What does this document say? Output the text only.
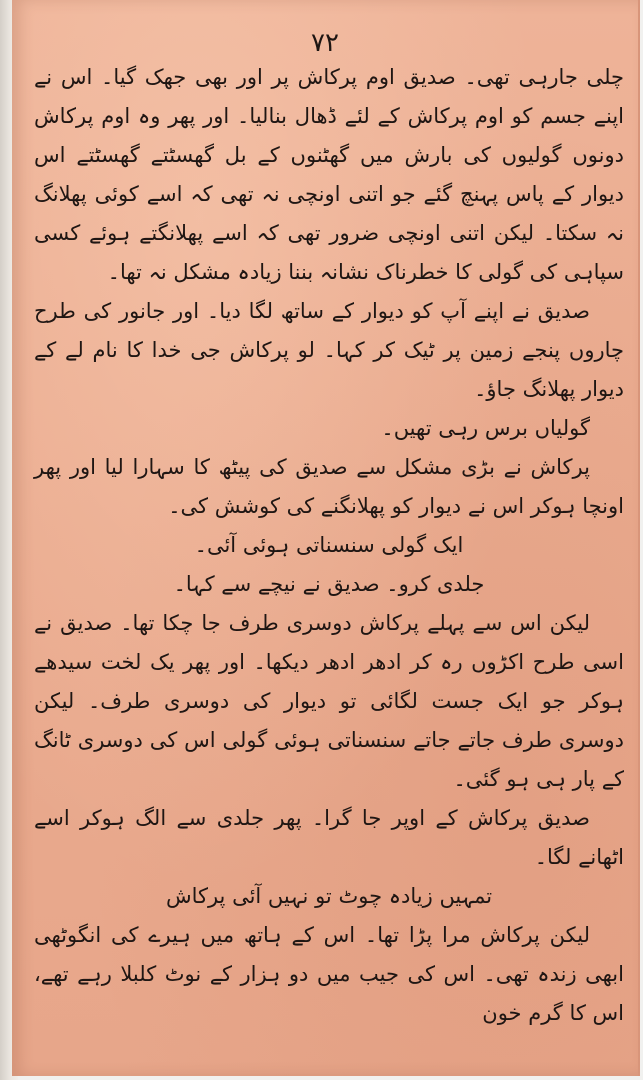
۷۲

چلی جارہی تھی۔ صدیق اوم پرکاش پر اور بھی جھک گیا۔ اس نے اپنے جسم کو اوم پرکاش کے لئے ڈھال بنالیا۔ اور پھر وہ اوم پرکاش دونوں گولیوں کی بارش میں گھٹنوں کے بل گھسٹتے گھسٹتے اس دیوار کے پاس پہنچ گئے جو اتنی اونچی نہ تھی کہ اسے کوئی پھلانگ نہ سکتا۔ لیکن اتنی اونچی ضرور تھی کہ اسے پھلانگتے ہوئے کسی سپاہی کی گولی کا خطرناک نشانہ بننا زیادہ مشکل نہ تھا۔

صدیق نے اپنے آپ کو دیوار کے ساتھ لگا دیا۔ اور جانور کی طرح چاروں پنجے زمین پر ٹیک کر کہا۔ لو پرکاش جی خدا کا نام لے کے دیوار پھلانگ جاؤ۔

گولیاں برس رہی تھیں۔

پرکاش نے بڑی مشکل سے صدیق کی پیٹھ کا سہارا لیا اور پھر اونچا ہوکر اس نے دیوار کو پھلانگنے کی کوشش کی۔

ایک گولی سنسناتی ہوئی آئی۔

جلدی کرو۔ صدیق نے نیچے سے کہا۔

لیکن اس سے پہلے پرکاش دوسری طرف جا چکا تھا۔ صدیق نے اسی طرح اکڑوں رہ کر ادھر ادھر دیکھا۔ اور پھر یک لخت سیدھے ہوکر جو ایک جست لگائی تو دیوار کی دوسری طرف۔ لیکن دوسری طرف جاتے جاتے سنسناتی ہوئی گولی اس کی دوسری ٹانگ کے پار ہی ہو گئی۔

صدیق پرکاش کے اوپر جا گرا۔ پھر جلدی سے الگ ہوکر اسے اٹھانے لگا۔

تمہیں زیادہ چوٹ تو نہیں آئی پرکاش

لیکن پرکاش مرا پڑا تھا۔ اس کے ہاتھ میں ہیرے کی انگوٹھی ابھی زندہ تھی۔ اس کی جیب میں دو ہزار کے نوٹ کلبلا رہے تھے، اس کا گرم خون
